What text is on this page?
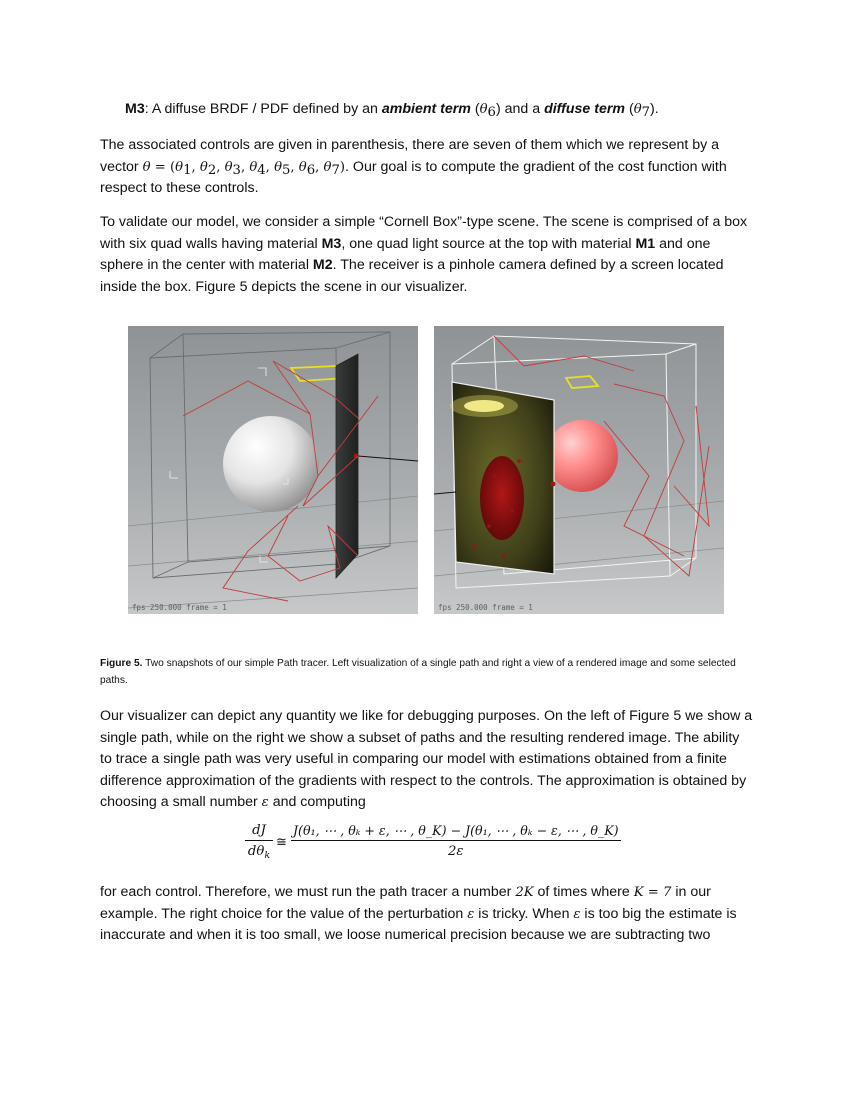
M3: A diffuse BRDF / PDF defined by an ambient term $(\theta_6)$ and a diffuse term $(\theta_7)$.

The associated controls are given in parenthesis, there are seven of them which we represent by a vector $\theta = (\theta_1$, $\theta_2$, $\theta_3$, $\theta_4$, $\theta_5$, $\theta_6$, $\theta_7$). Our goal is to compute the gradient of the cost function with respect to these controls.

To validate our model, we consider a simple “Cornell Box”-type scene. The scene is comprised of a box with six quad walls having material M3, one quad light source at the top with material M1 and one sphere in the center with material M2. The receiver is a pinhole camera defined by a screen located inside the box. Figure 5 depicts the scene in our visualizer.

fps 250.000 frame = 1	fps 250.000 frame = 1

Figure 5. Two snapshots of our simple Path tracer. Left visualization of a single path and right a view of a rendered image and some selected paths.

Our visualizer can depict any quantity we like for debugging purposes. On the left of Figure 5 we show a single path, while on the right we show a subset of paths and the resulting rendered image. The ability to trace a single path was very useful in comparing our model with estimations obtained from a finite difference approximation of the gradients with respect to the controls. The approximation is obtained by choosing a small number ε and computing

dJ
$d\theta_k$
≅
J(θ₁, ⋯ , θₖ + ε, ⋯ , θ_K) − J(θ₁, ⋯ , θₖ − ε, ⋯ , θ_K)
2ε

for each control. Therefore, we must run the path tracer a number 2K of times where K = 7 in our example. The right choice for the value of the perturbation ε is tricky. When ε is too big the estimate is inaccurate and when it is too small, we loose numerical precision because we are subtracting two
